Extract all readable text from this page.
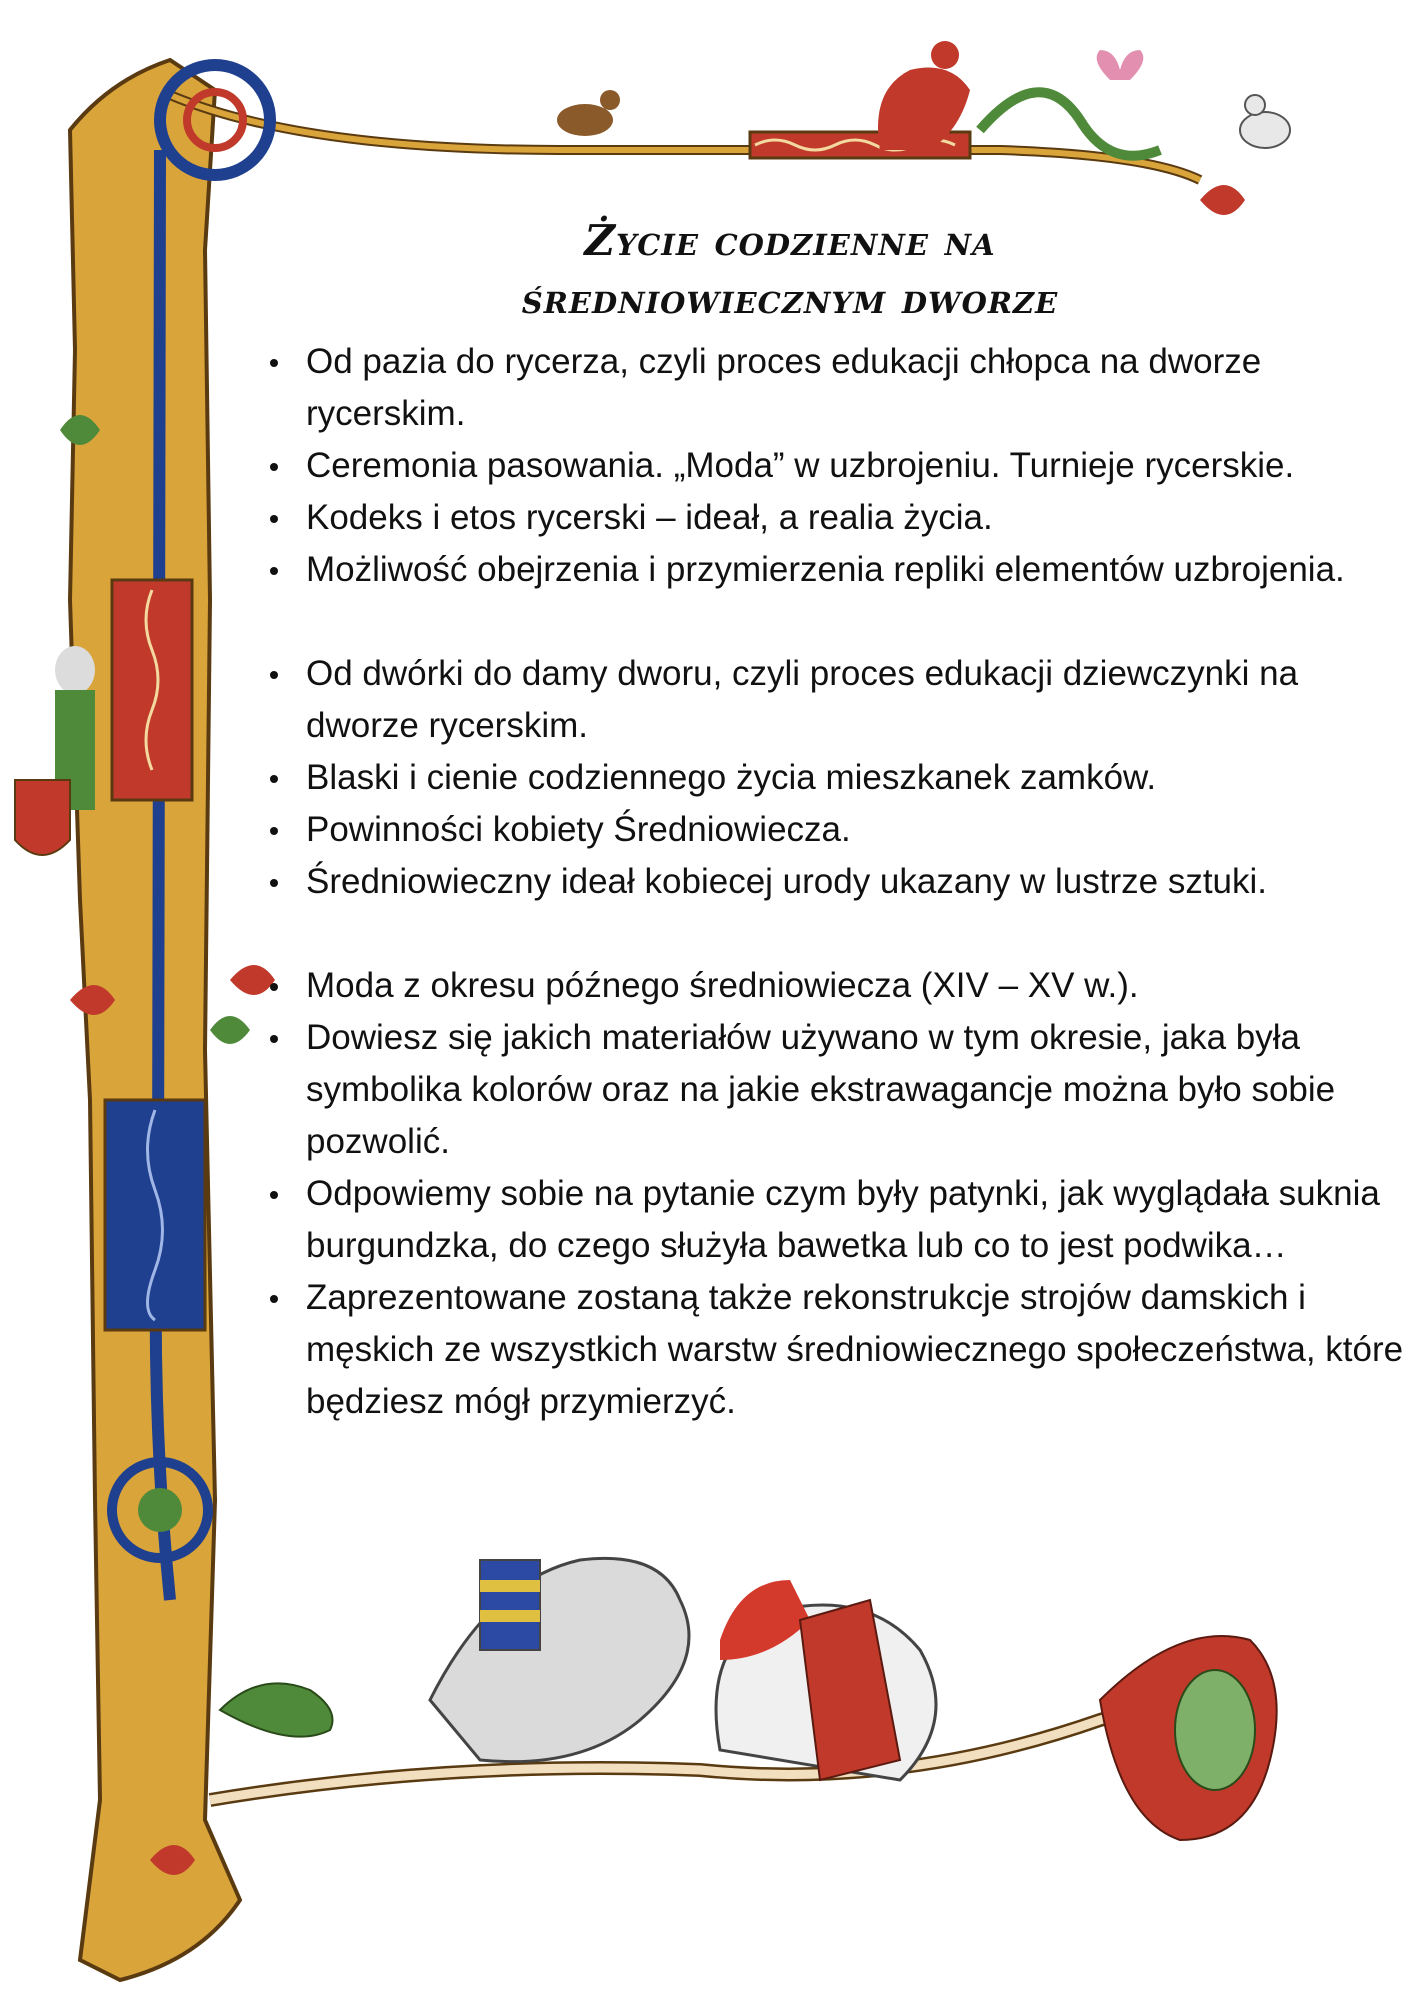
Życie codzienne na
średniowiecznym dworze
Od pazia do rycerza, czyli proces edukacji chłopca na dworze rycerskim.
Ceremonia pasowania. „Moda” w uzbrojeniu. Turnieje rycerskie.
Kodeks i etos rycerski – ideał, a realia życia.
Możliwość obejrzenia i przymierzenia repliki elementów uzbrojenia.
Od dwórki do damy dworu, czyli proces edukacji dziewczynki na dworze rycerskim.
Blaski i cienie codziennego życia mieszkanek zamków.
Powinności kobiety Średniowiecza.
Średniowieczny ideał kobiecej urody ukazany w lustrze sztuki.
Moda z okresu późnego średniowiecza (XIV – XV w.).
Dowiesz się jakich materiałów używano w tym okresie, jaka była symbolika kolorów oraz na jakie ekstrawagancje można było sobie pozwolić.
Odpowiemy sobie na pytanie czym były patynki, jak wyglądała suknia burgundzka, do czego służyła bawetka lub co to jest podwika…
Zaprezentowane zostaną także rekonstrukcje strojów damskich i męskich ze wszystkich warstw średniowiecznego społeczeństwa, które będziesz mógł przymierzyć.
